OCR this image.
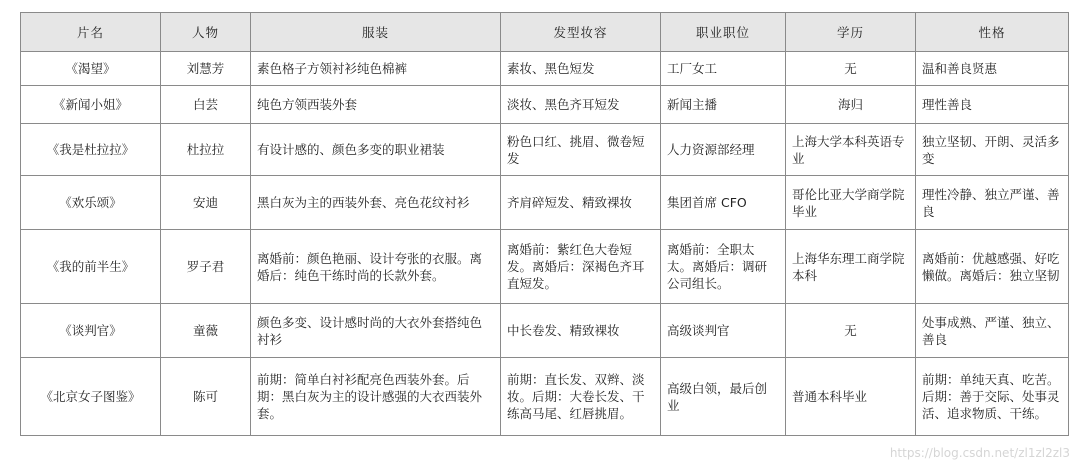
片名	人物	服装	发型妆容	职业职位	学历	性格
《渴望》	刘慧芳	素色格子方领衬衫纯色棉裤	素妆、黑色短发	工厂女工	无	温和善良贤惠
《新闻小姐》	白芸	纯色方领西装外套	淡妆、黑色齐耳短发	新闻主播	海归	理性善良
《我是杜拉拉》	杜拉拉	有设计感的、颜色多变的职业裙装	粉色口红、挑眉、微卷短发	人力资源部经理	上海大学本科英语专业	独立坚韧、开朗、灵活多变
《欢乐颂》	安迪	黑白灰为主的西装外套、亮色花纹衬衫	齐肩碎短发、精致裸妆	集团首席 CFO	哥伦比亚大学商学院毕业	理性冷静、独立严谨、善良
《我的前半生》	罗子君	离婚前：颜色艳丽、设计夸张的衣服。离婚后：纯色干练时尚的长款外套。	离婚前：紫红色大卷短发。离婚后：深褐色齐耳直短发。	离婚前：全职太太。离婚后：调研公司组长。	上海华东理工商学院本科	离婚前：优越感强、好吃懒做。离婚后：独立坚韧
《谈判官》	童薇	颜色多变、设计感时尚的大衣外套搭纯色衬衫	中长卷发、精致裸妆	高级谈判官	无	处事成熟、严谨、独立、善良
《北京女子图鉴》	陈可	前期：简单白衬衫配亮色西装外套。后期：黑白灰为主的设计感强的大衣西装外套。	前期：直长发、双辫、淡妆。后期：大卷长发、干练高马尾、红唇挑眉。	高级白领，最后创业	普通本科毕业	前期：单纯天真、吃苦。后期：善于交际、处事灵活、追求物质、干练。
https://blog.csdn.net/zl1zl2zl3
